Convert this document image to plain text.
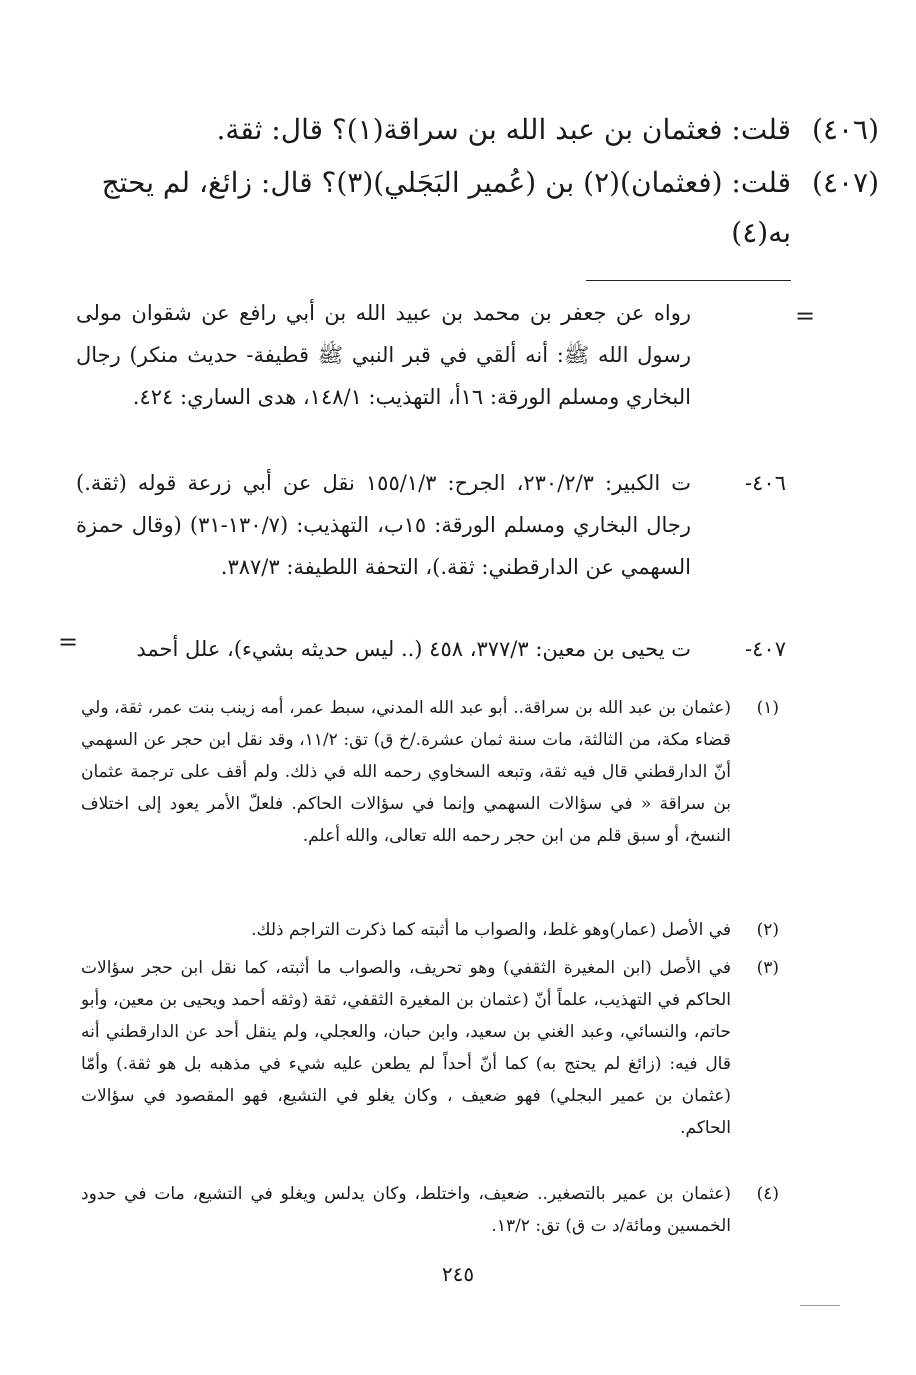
(٤٠٦)
قلت: فعثمان بن عبد الله بن سراقة(١)؟ قال: ثقة.
(٤٠٧)
قلت: (فعثمان)(٢) بن (عُمير البَجَلي)(٣)؟ قال: زائغ، لم يحتج به(٤)
=
رواه عن جعفر بن محمد بن عبيد الله بن أبي رافع عن شقوان مولى رسول الله ﷺ: أنه ألقي في قبر النبي ﷺ قطيفة- حديث منكر) رجال البخاري ومسلم الورقة: ١٦أ، التهذيب: ١٤٨/١، هدى الساري: ٤٢٤.
٤٠٦-
ت الكبير: ٢٣٠/٢/٣، الجرح: ١٥٥/١/٣ نقل عن أبي زرعة قوله (ثقة.) رجال البخاري ومسلم الورقة: ١٥ب، التهذيب: (١٣٠/٧-٣١) (وقال حمزة السهمي عن الدارقطني: ثقة.)، التحفة اللطيفة: ٣٨٧/٣.
٤٠٧-
ت يحيى بن معين: ٣٧٧/٣، ٤٥٨ (.. ليس حديثه بشيء)، علل أحمد
=
(١)
(عثمان بن عبد الله بن سراقة.. أبو عبد الله المدني، سبط عمر، أمه زينب بنت عمر، ثقة، ولي قضاء مكة، من الثالثة، مات سنة ثمان عشرة./خ ق) تق: ١١/٢، وقد نقل ابن حجر عن السهمي أنّ الدارقطني قال فيه ثقة، وتبعه السخاوي رحمه الله في ذلك. ولم أقف على ترجمة عثمان بن سراقة « في سؤالات السهمي وإنما في سؤالات الحاكم. فلعلّ الأمر يعود إلى اختلاف النسخ، أو سبق قلم من ابن حجر رحمه الله تعالى، والله أعلم.
(٢)
في الأصل (عمار)وهو غلط، والصواب ما أثبته كما ذكرت التراجم ذلك.
(٣)
في الأصل (ابن المغيرة الثقفي) وهو تحريف، والصواب ما أثبته، كما نقل ابن حجر سؤالات الحاكم في التهذيب، علماً أنّ (عثمان بن المغيرة الثقفي، ثقة (وثقه أحمد ويحيى بن معين، وأبو حاتم، والنسائي، وعبد الغني بن سعيد، وابن حبان، والعجلي، ولم ينقل أحد عن الدارقطني أنه قال فيه: (زائغ لم يحتج به) كما أنّ أحداً لم يطعن عليه شيء في مذهبه بل هو ثقة.) وأمّا (عثمان بن عمير البجلي) فهو ضعيف ، وكان يغلو في التشيع، فهو المقصود في سؤالات الحاكم.
(٤)
(عثمان بن عمير بالتصغير.. ضعيف، واختلط، وكان يدلس ويغلو في التشيع، مات في حدود الخمسين ومائة/د ت ق) تق: ١٣/٢.
٢٤٥
